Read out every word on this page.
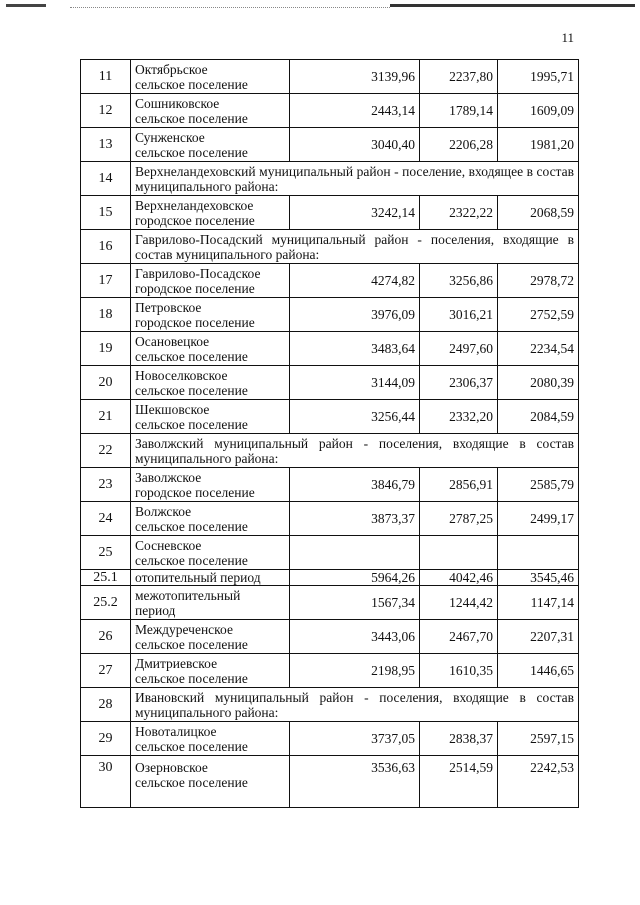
11
11	Октябрьское
сельское поселение	3139,96	2237,80	1995,71
12	Сошниковское
сельское поселение	2443,14	1789,14	1609,09
13	Сунженское
сельское поселение	3040,40	2206,28	1981,20
14	Верхнеландеховский муниципальный район - поселение, входящее в состав муниципального района:			
15	Верхнеландеховское
городское поселение	3242,14	2322,22	2068,59
16	Гаврилово-Посадский муниципальный район - поселения, входящие в состав муниципального района:			
17	Гаврилово-Посадское
городское поселение	4274,82	3256,86	2978,72
18	Петровское
городское поселение	3976,09	3016,21	2752,59
19	Осановецкое
сельское поселение	3483,64	2497,60	2234,54
20	Новоселковское
сельское поселение	3144,09	2306,37	2080,39
21	Шекшовское
сельское поселение	3256,44	2332,20	2084,59
22	Заволжский муниципальный район - поселения, входящие в состав муниципального района:			
23	Заволжское
городское поселение	3846,79	2856,91	2585,79
24	Волжское
сельское поселение	3873,37	2787,25	2499,17
25	Сосневское
сельское поселение			
25.1	отопительный период	5964,26	4042,46	3545,46
25.2	межотопительный
период	1567,34	1244,42	1147,14
26	Междуреченское
сельское поселение	3443,06	2467,70	2207,31
27	Дмитриевское
сельское поселение	2198,95	1610,35	1446,65
28	Ивановский муниципальный район - поселения, входящие в состав муниципального района:			
29	Новоталицкое
сельское поселение	3737,05	2838,37	2597,15
30	Озерновское
сельское поселение	3536,63	2514,59	2242,53
